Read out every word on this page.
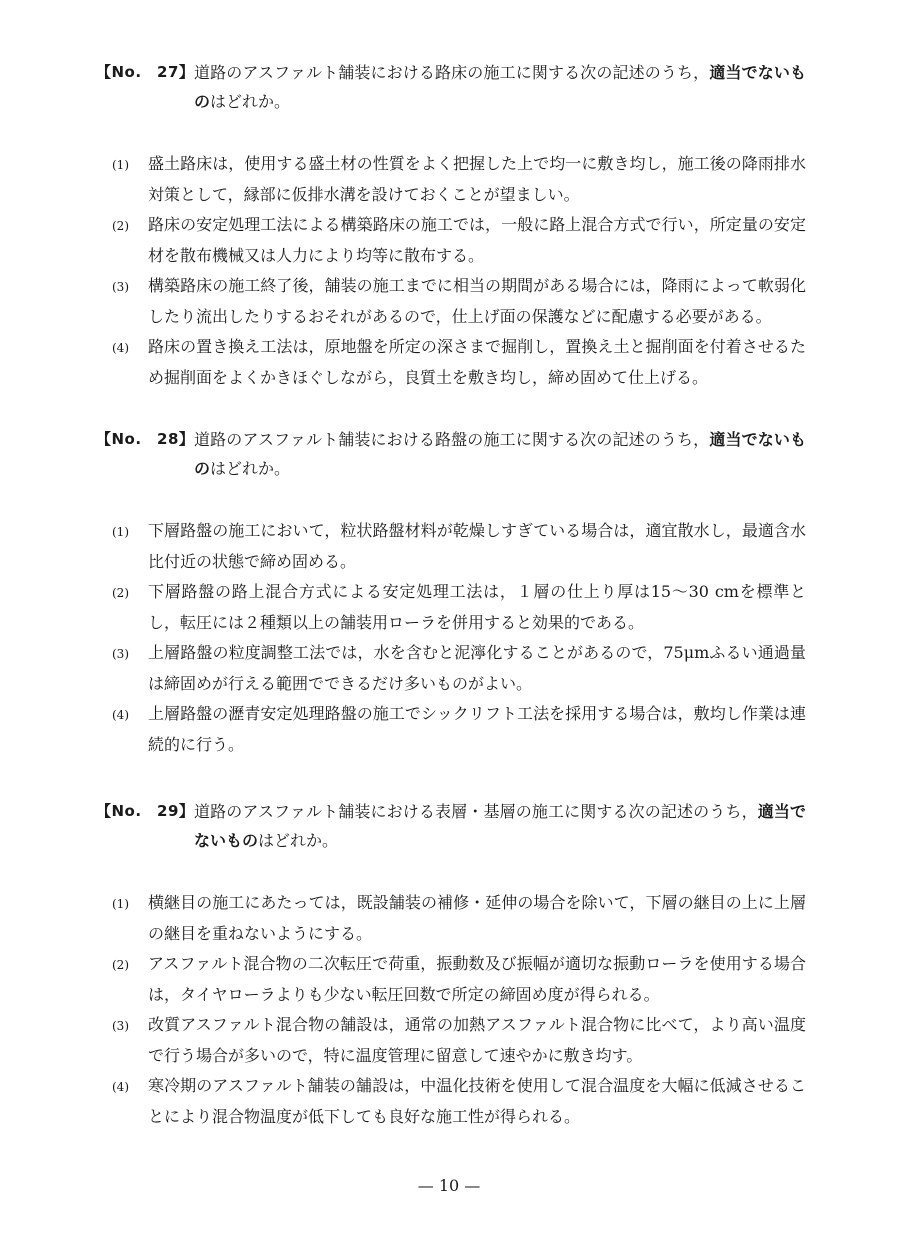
【No.　27】 道路のアスファルト舗装における路床の施工に関する次の記述のうち，適当でないものはどれか。
(1)	盛土路床は，使用する盛土材の性質をよく把握した上で均一に敷き均し，施工後の降雨排水対策として，縁部に仮排水溝を設けておくことが望ましい。
(2)	路床の安定処理工法による構築路床の施工では，一般に路上混合方式で行い，所定量の安定材を散布機械又は人力により均等に散布する。
(3)	構築路床の施工終了後，舗装の施工までに相当の期間がある場合には，降雨によって軟弱化したり流出したりするおそれがあるので，仕上げ面の保護などに配慮する必要がある。
(4)	路床の置き換え工法は，原地盤を所定の深さまで掘削し，置換え土と掘削面を付着させるため掘削面をよくかきほぐしながら，良質土を敷き均し，締め固めて仕上げる。
【No.　28】 道路のアスファルト舗装における路盤の施工に関する次の記述のうち，適当でないものはどれか。
(1)	下層路盤の施工において，粒状路盤材料が乾燥しすぎている場合は，適宜散水し，最適含水比付近の状態で締め固める。
(2)	下層路盤の路上混合方式による安定処理工法は，１層の仕上り厚は15〜30 cmを標準とし，転圧には２種類以上の舗装用ローラを併用すると効果的である。
(3)	上層路盤の粒度調整工法では，水を含むと泥濘化することがあるので，75μmふるい通過量は締固めが行える範囲でできるだけ多いものがよい。
(4)	上層路盤の瀝青安定処理路盤の施工でシックリフト工法を採用する場合は，敷均し作業は連続的に行う。
【No.　29】 道路のアスファルト舗装における表層・基層の施工に関する次の記述のうち，適当でないものはどれか。
(1)	横継目の施工にあたっては，既設舗装の補修・延伸の場合を除いて，下層の継目の上に上層の継目を重ねないようにする。
(2)	アスファルト混合物の二次転圧で荷重，振動数及び振幅が適切な振動ローラを使用する場合は，タイヤローラよりも少ない転圧回数で所定の締固め度が得られる。
(3)	改質アスファルト混合物の舗設は，通常の加熱アスファルト混合物に比べて，より高い温度で行う場合が多いので，特に温度管理に留意して速やかに敷き均す。
(4)	寒冷期のアスファルト舗装の舗設は，中温化技術を使用して混合温度を大幅に低減させることにより混合物温度が低下しても良好な施工性が得られる。
— 10 —
